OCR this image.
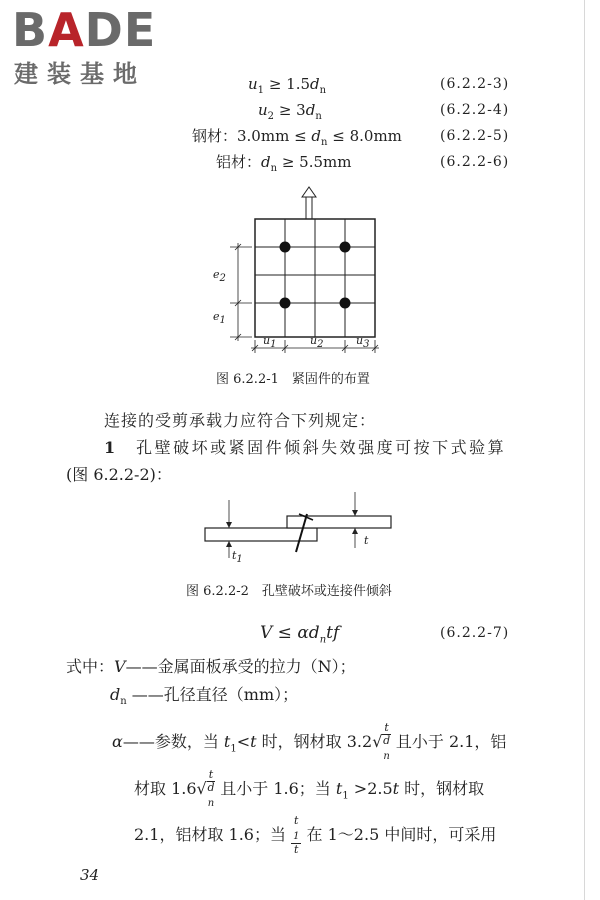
BADE
建装基地	$u_1 \ge 1.5d_n$	(6.2.2-3)
$u_2 \ge 3d_n$	(6.2.2-4)
钢材：$3.0mm \le d_n \le 8.0mm$	(6.2.2-5)
铝材：$d_n \ge 5.5mm$	(6.2.2-6)
$e_2$
$e_1$
$u_1$	$u_2$	$u_3$
图 6.2.2-1　紧固件的布置
连接的受剪承载力应符合下列规定：
1　 孔壁破坏或紧固件倾斜失效强度可按下式验算
(图 6.2.2-2)：
$t_1$
t
图 6.2.2-2　孔壁破坏或连接件倾斜
$V \le \alpha d_ntf$	(6.2.2-7)
式中：V——金属面板承受的拉力（N）；
$d_n$ ——孔径直径（mm）；
α——参数，当 $t_1<t$ 时，钢材取 3.2√ t
d
$_n$ 且小于 2.1，铝
材取 1.6√ t
d
$_n$ 且小于 1.6；当 $t_1 >2.5t$ 时，钢材取
2.1，铝材取 1.6；当 t
$_1$
t 在 1～2.5 中间时，可采用
34
